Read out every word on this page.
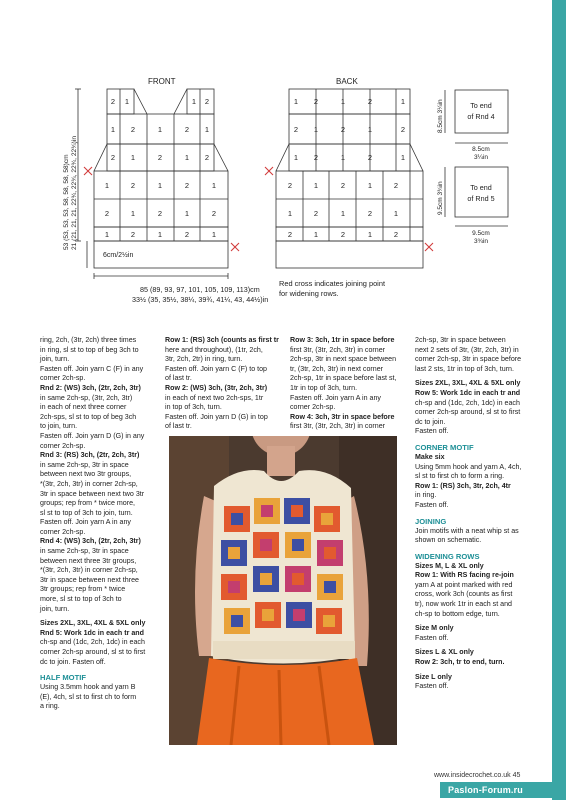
2 1	1 2
1 2	1	2 1
2 1	2	1 2
1	2	1	2	1
2	1	2	1	2
1	2	1	2	1
1 2	1	2	1
2 1	2	1	2
1 2	1	2	1
2	1	2	1	2
1	2	1	2	1
2	1	2	1	2
FRONT	BACK
85 (89, 93, 97, 101, 105, 109, 113)cm
33½ (35, 35½, 38¼, 39¾, 41¼, 43, 44½)in
6cm/2½in
To end
of Rnd 4
To end
of Rnd 5
8.5cm
3¼in
9.5cm
3¾in
8.5cm 3¼in
9.5cm 3¾in
53 (53, 53, 53, 58, 58, 58, 58)cm 21 (21, 21, 21, 22¾, 22¾, 22¾, 22¾)in
Red cross indicates joining point
for widening rows.
ring, 2ch, (3tr, 2ch) three times
in ring, sl st to top of beg 3ch to
join, turn.
Fasten off. Join yarn C (F) in any
corner 2ch-sp.
Rnd 2: (WS) 3ch, (2tr, 2ch, 3tr)
in same 2ch-sp, (3tr, 2ch, 3tr)
in each of next three corner
2ch-sps, sl st to top of beg 3ch
to join, turn.
Fasten off. Join yarn D (G) in any
corner 2ch-sp.
Rnd 3: (RS) 3ch, (2tr, 2ch, 3tr)
in same 2ch-sp, 3tr in space
between next two 3tr groups,
*(3tr, 2ch, 3tr) in corner 2ch-sp,
3tr in space between next two 3tr
groups; rep from * twice more,
sl st to top of 3ch to join, turn.
Fasten off. Join yarn A in any
corner 2ch-sp.
Rnd 4: (WS) 3ch, (2tr, 2ch, 3tr)
in same 2ch-sp, 3tr in space
between next three 3tr groups,
*(3tr, 2ch, 3tr) in corner 2ch-sp,
3tr in space between next three
3tr groups; rep from * twice
more, sl st to top of 3ch to
join, turn.
Sizes 2XL, 3XL, 4XL & 5XL only
Rnd 5: Work 1dc in each tr and
ch-sp and (1dc, 2ch, 1dc) in each
corner 2ch-sp around, sl st to first
dc to join. Fasten off.
HALF MOTIF
Using 3.5mm hook and yarn B
(E), 4ch, sl st to first ch to form
a ring.
Row 1: (RS) 3ch (counts as first tr
here and throughout), (1tr, 2ch,
3tr, 2ch, 2tr) in ring, turn.
Fasten off. Join yarn C (F) to top
of last tr.
Row 2: (WS) 3ch, (3tr, 2ch, 3tr)
in each of next two 2ch-sps, 1tr
in top of 3ch, turn.
Fasten off. Join yarn D (G) in top
of last tr.
Row 3: 3ch, 1tr in space before
first 3tr, (3tr, 2ch, 3tr) in corner
2ch-sp, 3tr in next space between
tr, (3tr, 2ch, 3tr) in next corner
2ch-sp, 1tr in space before last st,
1tr in top of 3ch, turn.
Fasten off. Join yarn A in any
corner 2ch-sp.
Row 4: 3ch, 3tr in space before
first 3tr, (3tr, 2ch, 3tr) in corner
2ch-sp, 3tr in space between
next 2 sets of 3tr, (3tr, 2ch, 3tr) in
corner 2ch-sp, 3tr in space before
last 2 sts, 1tr in top of 3ch, turn.
Sizes 2XL, 3XL, 4XL & 5XL only
Row 5: Work 1dc in each tr and
ch-sp and (1dc, 2ch, 1dc) in each
corner 2ch-sp around, sl st to first
dc to join.
Fasten off.
CORNER MOTIF
Make six
Using 5mm hook and yarn A, 4ch,
sl st to first ch to form a ring.
Row 1: (RS) 3ch, 3tr, 2ch, 4tr
in ring.
Fasten off.
JOINING
Join motifs with a neat whip st as
shown on schematic.
WIDENING ROWS
Sizes M, L & XL only
Row 1: With RS facing re-join
yarn A at point marked with red
cross, work 3ch (counts as first
tr), now work 1tr in each st and
ch-sp to bottom edge, turn.
Size M only
Fasten off.
Sizes L & XL only
Row 2: 3ch, tr to end, turn.
Size L only
Fasten off.
www.insidecrochet.co.uk 45
Paslon-Forum.ru
